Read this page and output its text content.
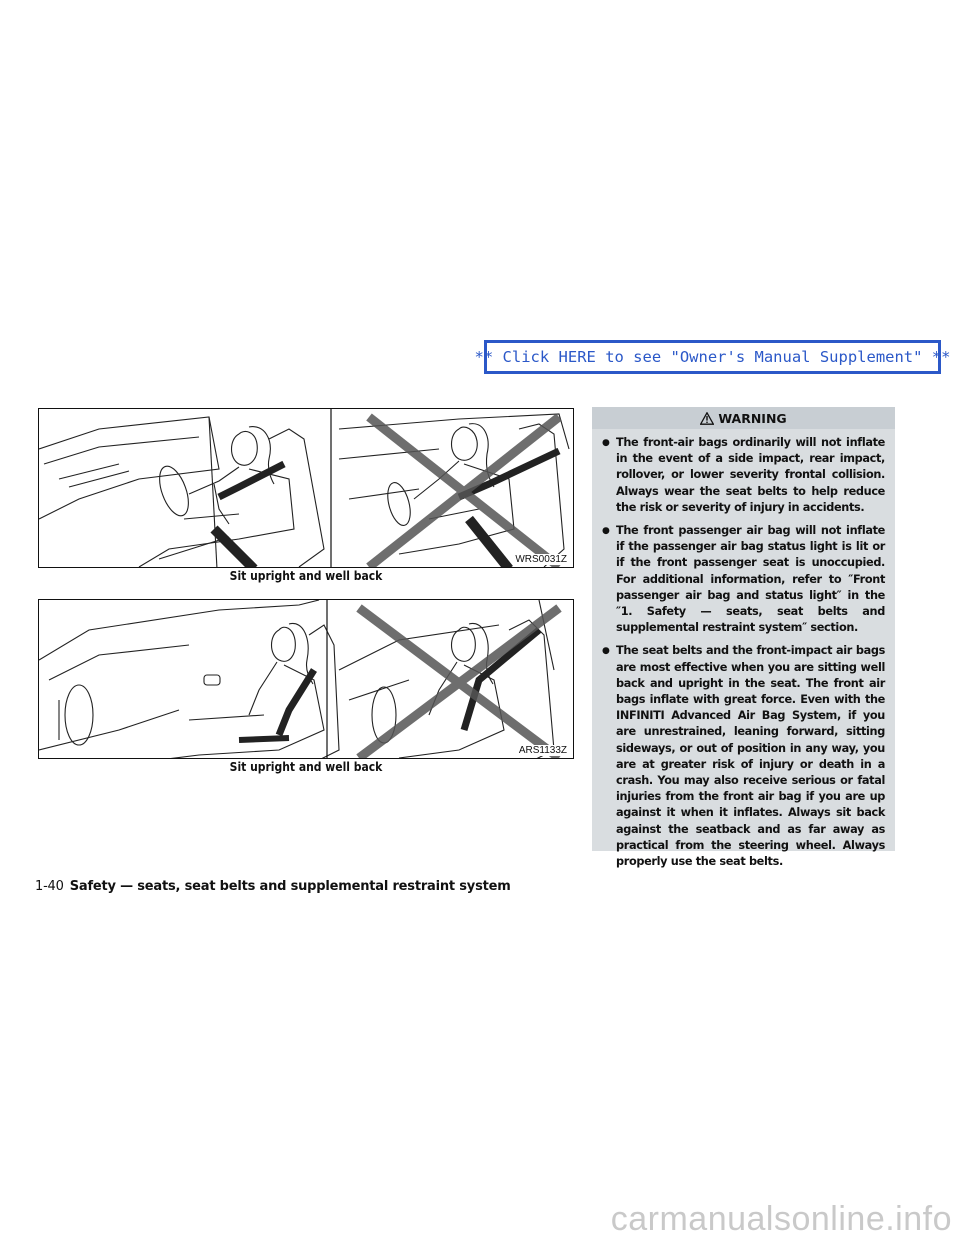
** Click HERE to see "Owner's Manual Supplement" **
WRS0031Z
Sit upright and well back
ARS1133Z
Sit upright and well back
WARNING
● The front-air bags ordinarily will not inflate in the event of a side impact, rear impact, rollover, or lower severity frontal collision. Always wear the seat belts to help reduce the risk or severity of injury in accidents.
● The front passenger air bag will not inflate if the passenger air bag status light is lit or if the front passenger seat is unoccupied. For additional information, refer to ″Front passenger air bag and status light″ in the ″1. Safety — seats, seat belts and supplemental restraint system″ section.
● The seat belts and the front-impact air bags are most effective when you are sitting well back and upright in the seat. The front air bags inflate with great force. Even with the INFINITI Advanced Air Bag System, if you are unrestrained, leaning forward, sitting sideways, or out of position in any way, you are at greater risk of injury or death in a crash. You may also receive serious or fatal injuries from the front air bag if you are up against it when it inflates. Always sit back against the seatback and as far away as practical from the steering wheel. Always properly use the seat belts.
1-40 Safety — seats, seat belts and supplemental restraint system
carmanualsonline.info
